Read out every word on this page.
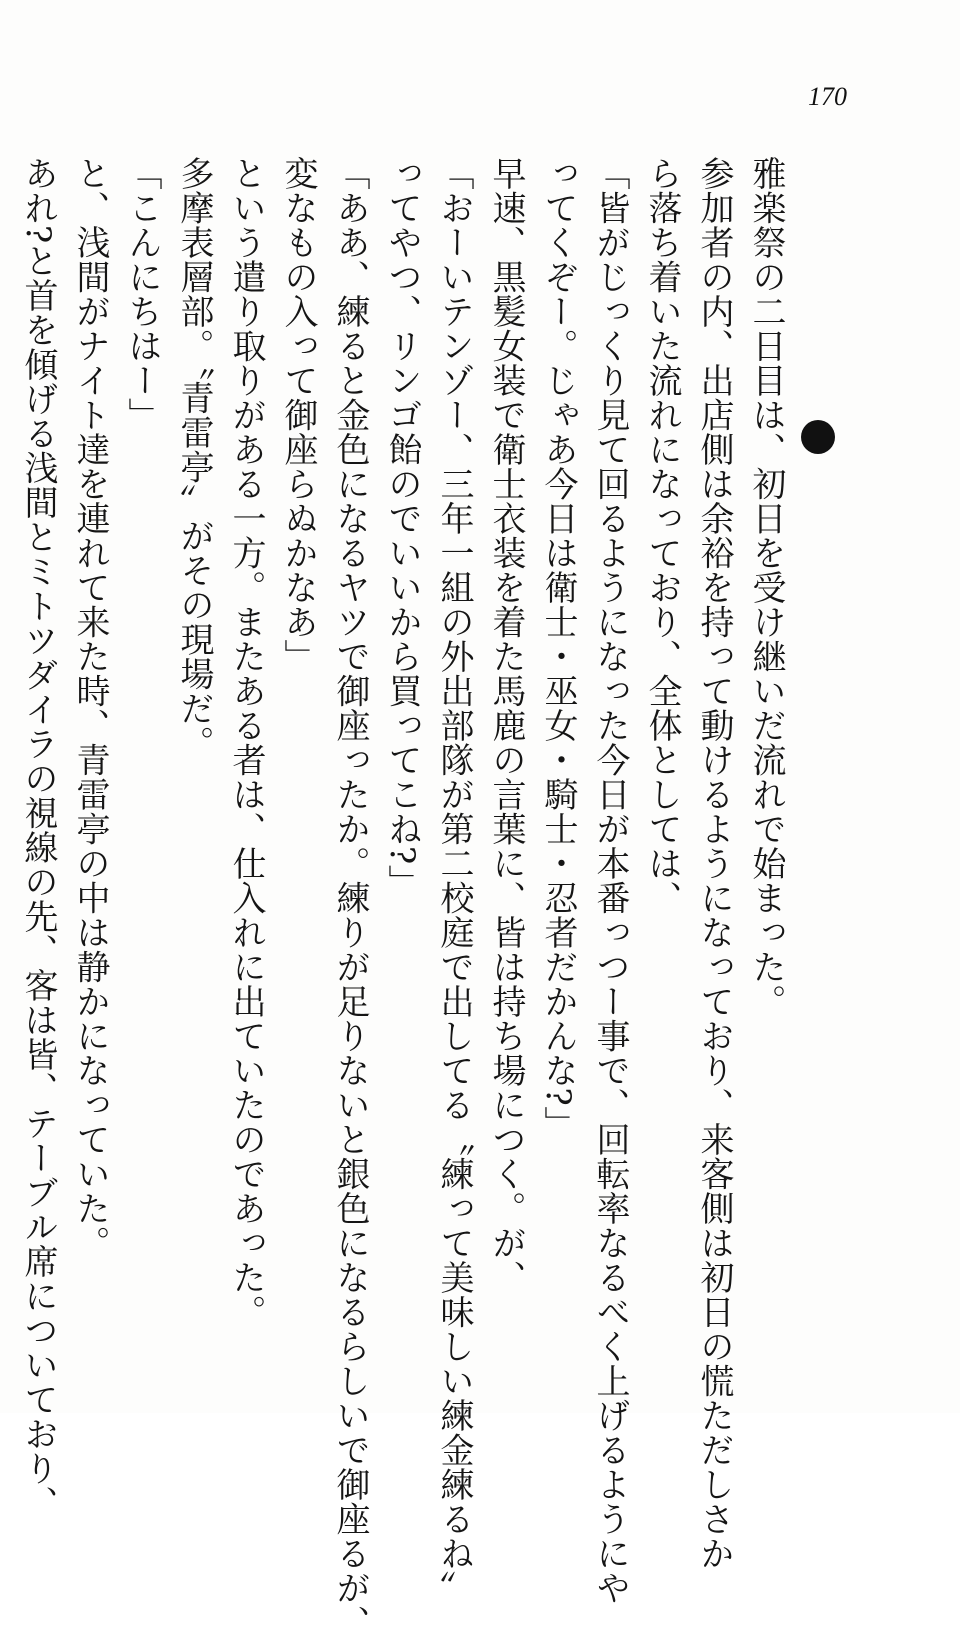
170
雅楽祭の二日目は、初日を受け継いだ流れで始まった。
参加者の内、出店側は余裕を持って動けるようになっており、来客側は初日の慌ただしさか
ら落ち着いた流れになっており、全体としては、
「皆がじっくり見て回るようになった今日が本番っつー事で、回転率なるべく上げるようにや
ってくぞー。じゃあ今日は衛士・巫女・騎士・忍者だかんな?」
早速、黒髪女装で衛士衣装を着た馬鹿の言葉に、皆は持ち場につく。が、
「おーいテンゾー、三年一組の外出部隊が第二校庭で出してる〝練って美味しい練金練るね〟
ってやつ、リンゴ飴のでいいから買ってこね?」
「ああ、練ると金色になるヤツで御座ったか。練りが足りないと銀色になるらしいで御座るが、
変なもの入って御座らぬかなあ」
という遣り取りがある一方。またある者は、仕入れに出ていたのであった。
多摩表層部。〝青雷亭〟がその現場だ。
「こんにちはー」
と、浅間がナイト達を連れて来た時、青雷亭の中は静かになっていた。
あれ?と首を傾げる浅間とミトツダイラの視線の先、客は皆、テーブル席についており、
